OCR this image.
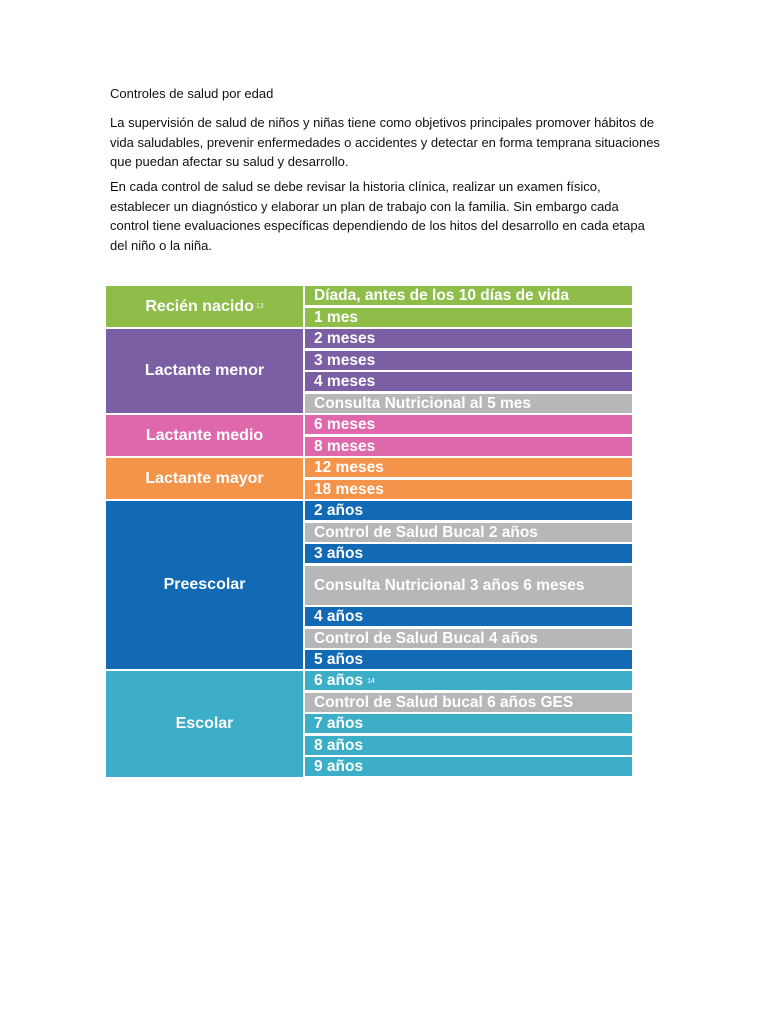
Controles de salud por edad
La supervisión de salud de niños y niñas tiene como objetivos principales promover hábitos de vida saludables, prevenir enfermedades o accidentes y detectar en forma temprana situaciones que puedan afectar su salud y desarrollo.
En cada control de salud se debe revisar la historia clínica, realizar un examen físico, establecer un diagnóstico y elaborar un plan de trabajo con la familia. Sin embargo cada control tiene evaluaciones específicas dependiendo de los hitos del desarrollo en cada etapa del niño o la niña.
Recién nacido 13
Lactante menor
Lactante medio
Lactante mayor
Preescolar
Escolar
Díada, antes de los 10 días de vida
1 mes
2 meses
3 meses
4 meses
Consulta Nutricional al 5 mes
6 meses
8 meses
12 meses
18 meses
2 años
Control de Salud Bucal 2 años
3 años
Consulta Nutricional 3 años 6 meses
4 años
Control de Salud Bucal 4 años
5 años
6 años 14
Control de Salud bucal 6 años GES
7 años
8 años
9 años
